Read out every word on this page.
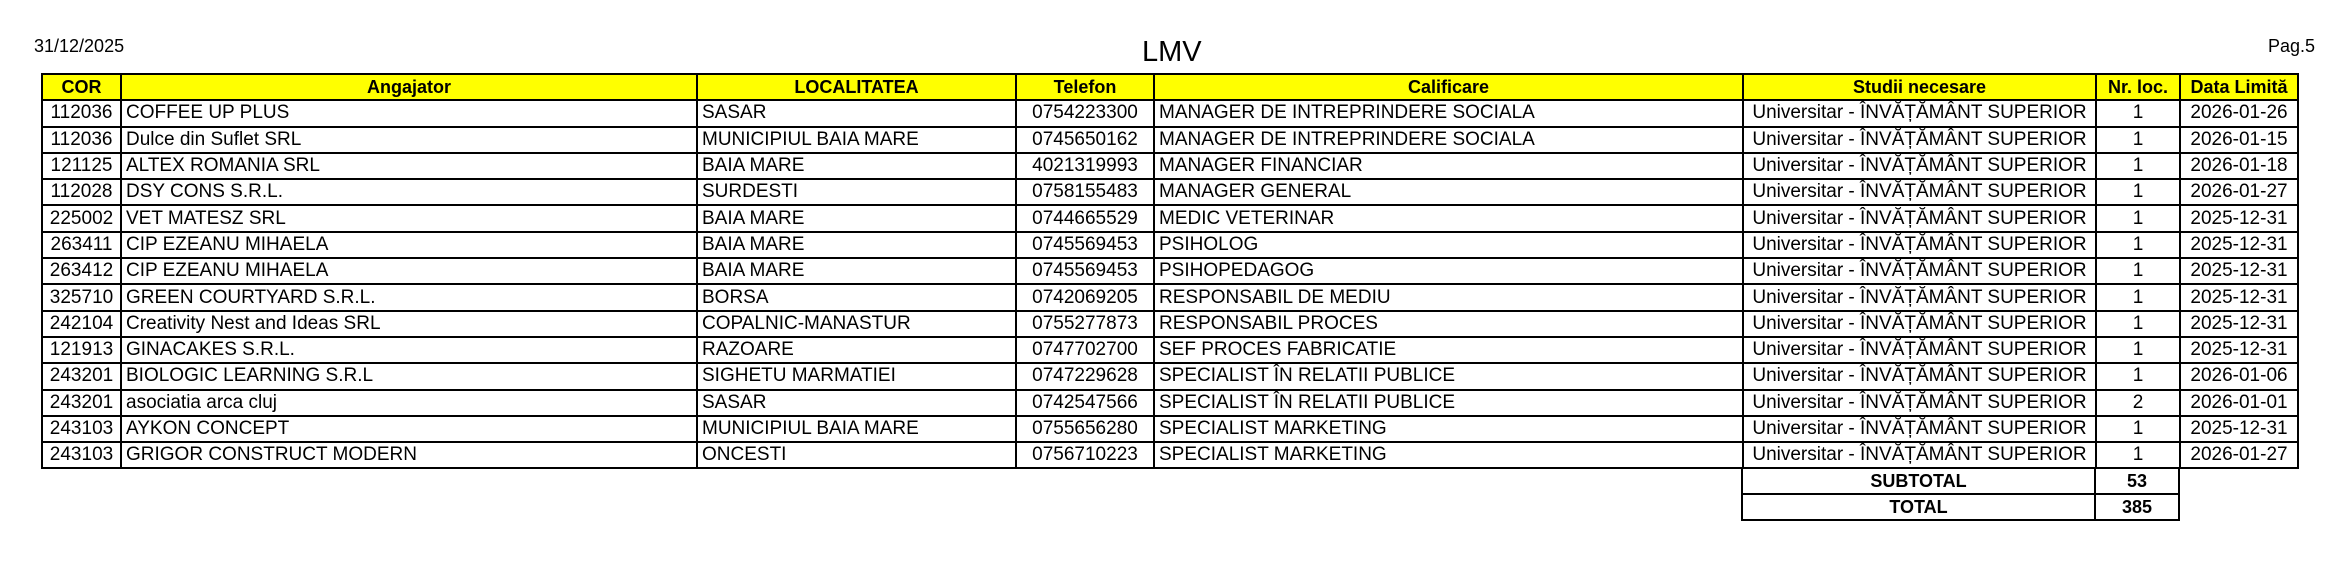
31/12/2025	LMV	Pag.5
COR	Angajator	LOCALITATEA	Telefon	Calificare	Studii necesare	Nr. loc.	Data Limită
112036	COFFEE UP PLUS	SASAR	0754223300	MANAGER DE INTREPRINDERE SOCIALA	Universitar - ÎNVĂȚĂMÂNT SUPERIOR	1	2026-01-26
112036	Dulce din Suflet SRL	MUNICIPIUL BAIA MARE	0745650162	MANAGER DE INTREPRINDERE SOCIALA	Universitar - ÎNVĂȚĂMÂNT SUPERIOR	1	2026-01-15
121125	ALTEX ROMANIA SRL	BAIA MARE	4021319993	MANAGER FINANCIAR	Universitar - ÎNVĂȚĂMÂNT SUPERIOR	1	2026-01-18
112028	DSY CONS S.R.L.	SURDESTI	0758155483	MANAGER GENERAL	Universitar - ÎNVĂȚĂMÂNT SUPERIOR	1	2026-01-27
225002	VET MATESZ SRL	BAIA MARE	0744665529	MEDIC VETERINAR	Universitar - ÎNVĂȚĂMÂNT SUPERIOR	1	2025-12-31
263411	CIP EZEANU MIHAELA	BAIA MARE	0745569453	PSIHOLOG	Universitar - ÎNVĂȚĂMÂNT SUPERIOR	1	2025-12-31
263412	CIP EZEANU MIHAELA	BAIA MARE	0745569453	PSIHOPEDAGOG	Universitar - ÎNVĂȚĂMÂNT SUPERIOR	1	2025-12-31
325710	GREEN COURTYARD S.R.L.	BORSA	0742069205	RESPONSABIL DE MEDIU	Universitar - ÎNVĂȚĂMÂNT SUPERIOR	1	2025-12-31
242104	Creativity Nest and Ideas SRL	COPALNIC-MANASTUR	0755277873	RESPONSABIL PROCES	Universitar - ÎNVĂȚĂMÂNT SUPERIOR	1	2025-12-31
121913	GINACAKES S.R.L.	RAZOARE	0747702700	SEF PROCES FABRICATIE	Universitar - ÎNVĂȚĂMÂNT SUPERIOR	1	2025-12-31
243201	BIOLOGIC LEARNING S.R.L	SIGHETU MARMATIEI	0747229628	SPECIALIST ÎN RELATII PUBLICE	Universitar - ÎNVĂȚĂMÂNT SUPERIOR	1	2026-01-06
243201	asociatia arca cluj	SASAR	0742547566	SPECIALIST ÎN RELATII PUBLICE	Universitar - ÎNVĂȚĂMÂNT SUPERIOR	2	2026-01-01
243103	AYKON CONCEPT	MUNICIPIUL BAIA MARE	0755656280	SPECIALIST MARKETING	Universitar - ÎNVĂȚĂMÂNT SUPERIOR	1	2025-12-31
243103	GRIGOR CONSTRUCT MODERN	ONCESTI	0756710223	SPECIALIST MARKETING	Universitar - ÎNVĂȚĂMÂNT SUPERIOR	1	2026-01-27
SUBTOTAL	53
TOTAL	385
